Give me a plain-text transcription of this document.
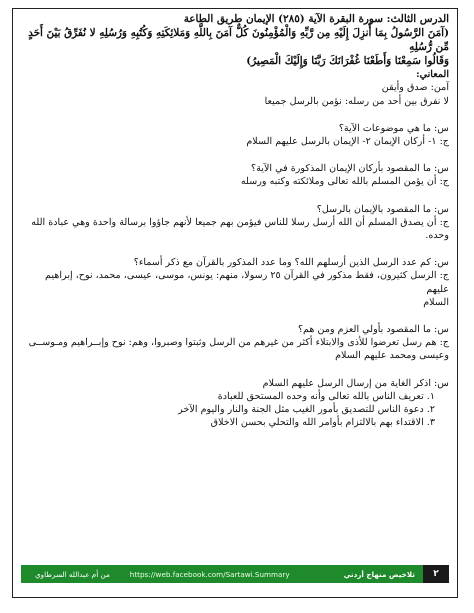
الدرس الثالث: سورة البقرة الآية (٢٨٥) الإيمان طريق الطاعة
(آمَنَ الرَّسُولُ بِمَا أُنزِلَ إِلَيْهِ مِن رَّبِّهِ وَالْمُؤْمِنُونَ كُلٌّ آمَنَ بِاللَّهِ وَمَلائِكَتِهِ وَكُتُبِهِ وَرُسُلِهِ لا نُفَرِّقُ بَيْنَ أَحَدٍ مِّن رُّسُلِهِ
وَقَالُوا سَمِعْنَا وَأَطَعْنَا غُفْرَانَكَ رَبَّنَا وَإِلَيْكَ الْمَصِيرُ)
المعاني:
آمن: صدق وأيقن
لا نفرق بين أحد من رسله: نؤمن بالرسل جميعا
س: ما هي موضوعات الآية؟
ج: ١- أركان الإيمان ٢- الإيمان بالرسل عليهم السلام
س: ما المقصود بأركان الإيمان المذكورة في الآية؟
ج: أن يؤمن المسلم بالله تعالى وملائكته وكتبه ورسله
س: ما المقصود بالإيمان بالرسل؟
ج: أن يصدق المسلم أن الله أرسل رسلا للناس فيؤمن بهم جميعا لأنهم جاؤوا برسالة واحدة وهي عبادة الله وحده.
س: كم عدد الرسل الذين أرسلهم الله؟ وما عدد المذكور بالقرآن مع ذكر أسماء؟
ج: الرسل كثيرون، فقط مذكور في القرآن ٢٥ رسولا، منهم: يونس، موسى، عيسى، محمد، نوح، إبراهيم عليهم
السلام
س: ما المقصود بأولي العزم ومن هم؟
ج: هم رسل تعرضوا للأذى والابتلاء أكثر من غيرهم من الرسل وثبتوا وصبروا، وهم: نوح وإبــراهيم ومـوســى
وعيسى ومحمد عليهم السلام
س: اذكر الغاية من إرسال الرسل عليهم السلام
١. تعريف الناس بالله تعالى وأنه وحده المستحق للعبادة
٢. دعوة الناس للتصديق بأمور الغيب مثل الجنة والنار واليوم الآخر
٣. الاقتداء بهم بالالتزام بأوامر الله والتحلي بحسن الاخلاق
٢
تلاخيص منهاج أردني
https://web.facebook.com/Sartawi.Summary
من أم عبدالله السرطاوي
